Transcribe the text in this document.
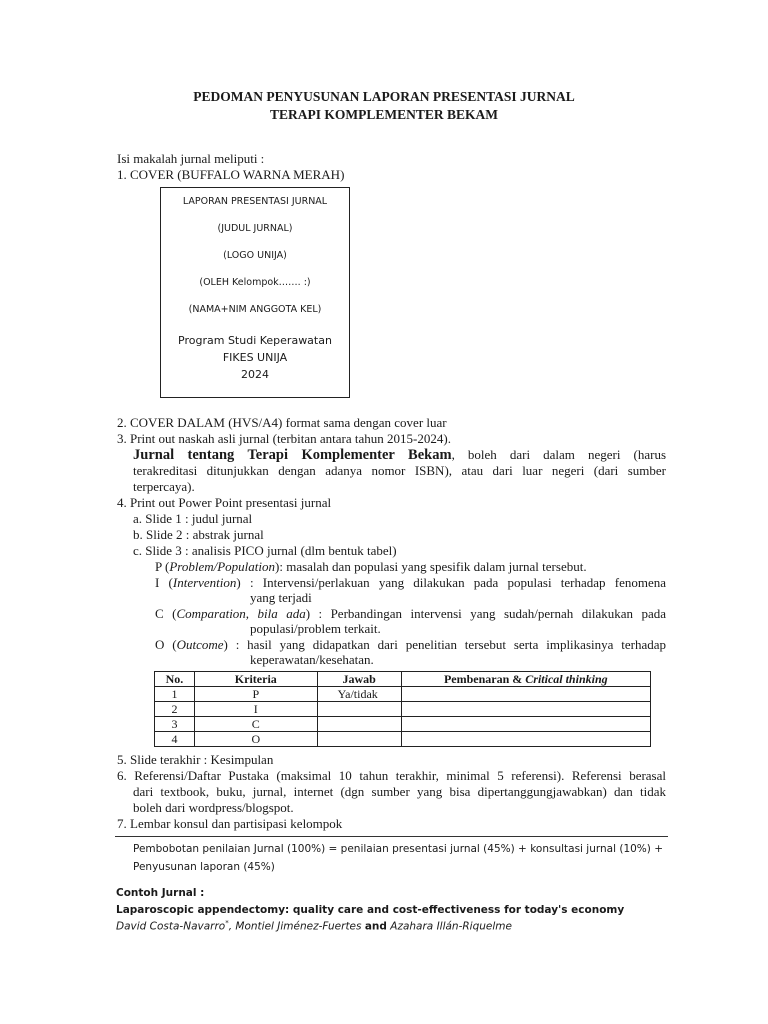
PEDOMAN PENYUSUNAN LAPORAN PRESENTASI JURNAL
TERAPI KOMPLEMENTER BEKAM
Isi makalah jurnal meliputi :
1. COVER (BUFFALO WARNA MERAH)
LAPORAN PRESENTASI JURNAL
(JUDUL JURNAL)
(LOGO UNIJA)
(OLEH Kelompok……. :)
(NAMA+NIM ANGGOTA KEL)
Program Studi Keperawatan
FIKES UNIJA
2024
2. COVER DALAM (HVS/A4) format sama dengan cover luar
3. Print out naskah asli jurnal (terbitan antara tahun 2015-2024).
Jurnal tentang Terapi Komplementer Bekam, boleh dari dalam negeri (harus
terakreditasi ditunjukkan dengan adanya nomor ISBN), atau dari luar negeri (dari sumber
terpercaya).
4. Print out Power Point presentasi jurnal
a. Slide 1 : judul jurnal
b. Slide 2 : abstrak jurnal
c. Slide 3 : analisis PICO jurnal (dlm bentuk tabel)
P (Problem/Population): masalah dan populasi yang spesifik dalam jurnal tersebut.
I (Intervention) : Intervensi/perlakuan yang dilakukan pada populasi terhadap fenomena
yang terjadi
C (Comparation, bila ada) : Perbandingan intervensi yang sudah/pernah dilakukan pada
populasi/problem terkait.
O (Outcome) : hasil yang didapatkan dari penelitian tersebut serta implikasinya terhadap
keperawatan/kesehatan.
No.	Kriteria	Jawab	Pembenaran & Critical thinking
1	P	Ya/tidak	
2	I		
3	C		
4	O		
5. Slide terakhir : Kesimpulan
6. Referensi/Daftar Pustaka (maksimal 10 tahun terakhir, minimal 5 referensi). Referensi berasal
dari textbook, buku, jurnal, internet (dgn sumber yang bisa dipertanggungjawabkan) dan tidak
boleh dari wordpress/blogspot.
7. Lembar konsul dan partisipasi kelompok
Pembobotan penilaian Jurnal (100%) = penilaian presentasi jurnal (45%) + konsultasi jurnal (10%) +
Penyusunan laporan (45%)
Contoh Jurnal :
Laparoscopic appendectomy: quality care and cost-effectiveness for today's economy
David Costa-Navarro*, Montiel Jiménez-Fuertes and Azahara Illán-Riquelme
